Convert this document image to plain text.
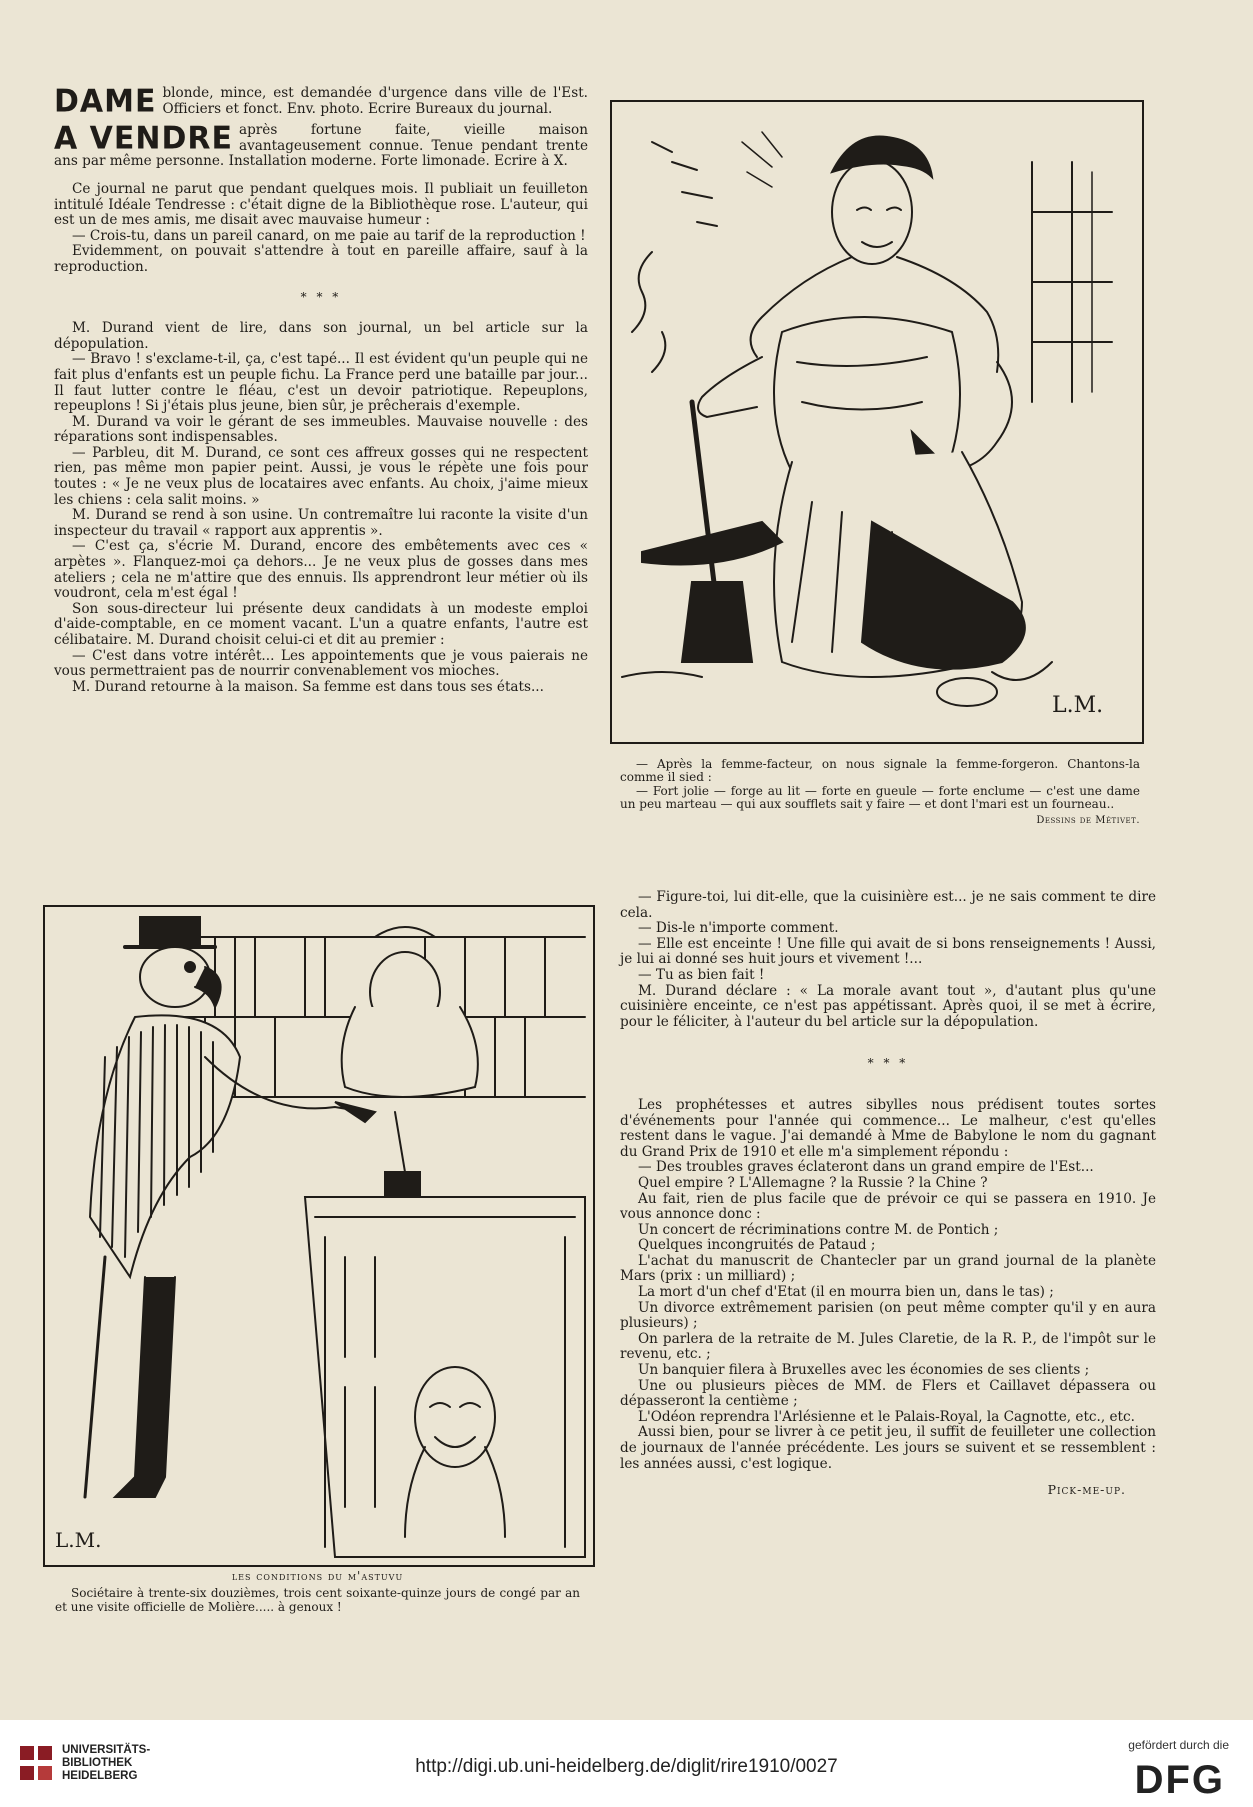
DAME blonde, mince, est demandée d'urgence dans ville de l'Est. Officiers et fonct. Env. photo. Ecrire Bureaux du journal.
A VENDRE après fortune faite, vieille maison avantageusement connue. Tenue pendant trente ans par même personne. Installation moderne. Forte limonade. Ecrire à X.

Ce journal ne parut que pendant quelques mois. Il publiait un feuilleton intitulé Idéale Tendresse : c'était digne de la Bibliothèque rose. L'auteur, qui est un de mes amis, me disait avec mauvaise humeur :

— Crois-tu, dans un pareil canard, on me paie au tarif de la reproduction !

Evidemment, on pouvait s'attendre à tout en pareille affaire, sauf à la reproduction.

* * *

M. Durand vient de lire, dans son journal, un bel article sur la dépopulation.

— Bravo ! s'exclame-t-il, ça, c'est tapé... Il est évident qu'un peuple qui ne fait plus d'enfants est un peuple fichu. La France perd une bataille par jour... Il faut lutter contre le fléau, c'est un devoir patriotique. Repeuplons, repeuplons ! Si j'étais plus jeune, bien sûr, je prêcherais d'exemple.

M. Durand va voir le gérant de ses immeubles. Mauvaise nouvelle : des réparations sont indispensables.

— Parbleu, dit M. Durand, ce sont ces affreux gosses qui ne respectent rien, pas même mon papier peint. Aussi, je vous le répète une fois pour toutes : « Je ne veux plus de locataires avec enfants. Au choix, j'aime mieux les chiens : cela salit moins. »

M. Durand se rend à son usine. Un contremaître lui raconte la visite d'un inspecteur du travail « rapport aux apprentis ».

— C'est ça, s'écrie M. Durand, encore des embêtements avec ces « arpètes ». Flanquez-moi ça dehors... Je ne veux plus de gosses dans mes ateliers ; cela ne m'attire que des ennuis. Ils apprendront leur métier où ils voudront, cela m'est égal !

Son sous-directeur lui présente deux candidats à un modeste emploi d'aide-comptable, en ce moment vacant. L'un a quatre enfants, l'autre est célibataire. M. Durand choisit celui-ci et dit au premier :

— C'est dans votre intérêt... Les appointements que je vous paierais ne vous permettraient pas de nourrir convenablement vos mioches.

M. Durand retourne à la maison. Sa femme est dans tous ses états...

L.M.

— Après la femme-facteur, on nous signale la femme-forgeron. Chantons-la comme il sied :

— Fort jolie — forge au lit — forte en gueule — forte enclume — c'est une dame un peu marteau — qui aux soufflets sait y faire — et dont l'mari est un fourneau..

Dessins de Métivet.
L.M.
les conditions du m'astuvu

Sociétaire à trente-six douzièmes, trois cent soixante-quinze jours de congé par an et une visite officielle de Molière..... à genoux !

— Figure-toi, lui dit-elle, que la cuisinière est... je ne sais comment te dire cela.

— Dis-le n'importe comment.

— Elle est enceinte ! Une fille qui avait de si bons renseignements ! Aussi, je lui ai donné ses huit jours et vivement !...

— Tu as bien fait !

M. Durand déclare : « La morale avant tout », d'autant plus qu'une cuisinière enceinte, ce n'est pas appétissant. Après quoi, il se met à écrire, pour le féliciter, à l'auteur du bel article sur la dépopulation.

* * *

Les prophétesses et autres sibylles nous prédisent toutes sortes d'événements pour l'année qui commence... Le malheur, c'est qu'elles restent dans le vague. J'ai demandé à Mme de Babylone le nom du gagnant du Grand Prix de 1910 et elle m'a simplement répondu :

— Des troubles graves éclateront dans un grand empire de l'Est...

Quel empire ? L'Allemagne ? la Russie ? la Chine ?

Au fait, rien de plus facile que de prévoir ce qui se passera en 1910. Je vous annonce donc :

Un concert de récriminations contre M. de Pontich ;

Quelques incongruités de Pataud ;

L'achat du manuscrit de Chantecler par un grand journal de la planète Mars (prix : un milliard) ;

La mort d'un chef d'Etat (il en mourra bien un, dans le tas) ;

Un divorce extrêmement parisien (on peut même compter qu'il y en aura plusieurs) ;

On parlera de la retraite de M. Jules Claretie, de la R. P., de l'impôt sur le revenu, etc. ;

Un banquier filera à Bruxelles avec les économies de ses clients ;

Une ou plusieurs pièces de MM. de Flers et Caillavet dépassera ou dépasseront la centième ;

L'Odéon reprendra l'Arlésienne et le Palais-Royal, la Cagnotte, etc., etc.

Aussi bien, pour se livrer à ce petit jeu, il suffit de feuilleter une collection de journaux de l'année précédente. Les jours se suivent et se ressemblent : les années aussi, c'est logique.

Pick-me-up.
UNIVERSITÄTS-
BIBLIOTHEK
HEIDELBERG	http://digi.ub.uni-heidelberg.de/diglit/rire1910/0027
gefördert durch die
DFG
